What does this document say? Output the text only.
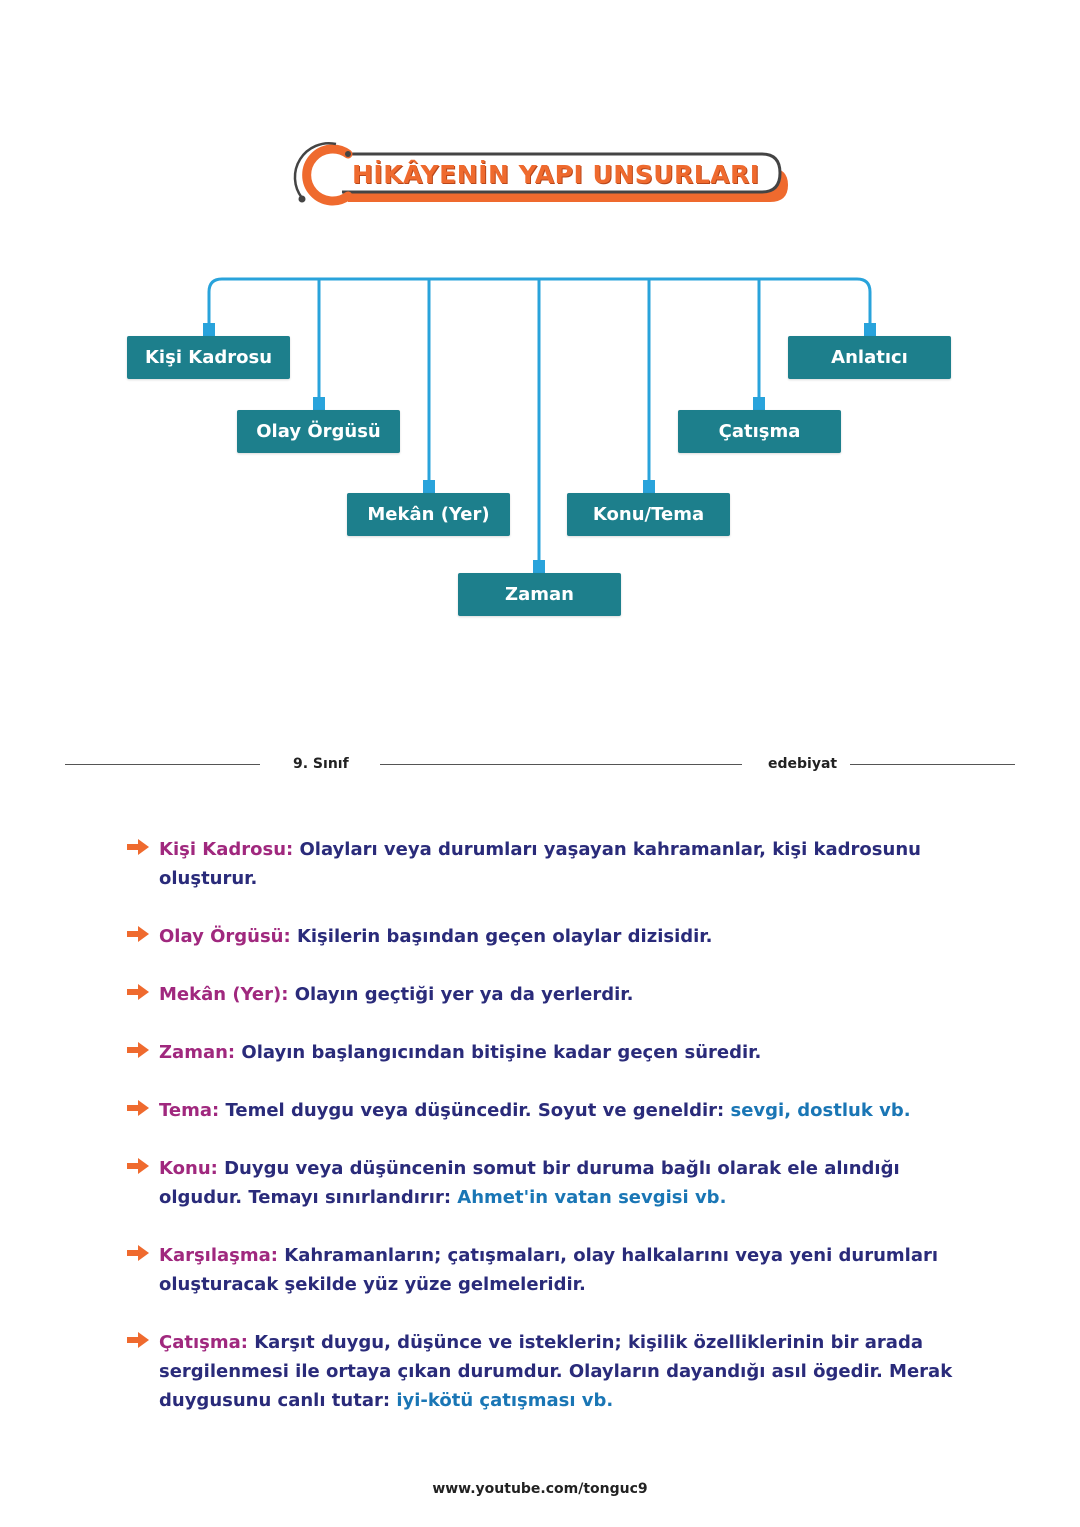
HİKÂYENİN YAPI UNSURLARI
Kişi Kadrosu
Olay Örgüsü
Mekân (Yer)
Zaman
Konu/Tema
Çatışma
Anlatıcı
9. Sınıf	edebiyat
Kişi Kadrosu: Olayları veya durumları yaşayan kahramanlar, kişi kadrosunu oluşturur.
Olay Örgüsü: Kişilerin başından geçen olaylar dizisidir.
Mekân (Yer): Olayın geçtiği yer ya da yerlerdir.
Zaman: Olayın başlangıcından bitişine kadar geçen süredir.
Tema: Temel duygu veya düşüncedir. Soyut ve geneldir: sevgi, dostluk vb.
Konu: Duygu veya düşüncenin somut bir duruma bağlı olarak ele alındığı olgudur. Temayı sınırlandırır: Ahmet'in vatan sevgisi vb.
Karşılaşma: Kahramanların; çatışmaları, olay halkalarını veya yeni durumları oluşturacak şekilde yüz yüze gelmeleridir.
Çatışma: Karşıt duygu, düşünce ve isteklerin; kişilik özelliklerinin bir arada sergilenmesi ile ortaya çıkan durumdur. Olayların dayandığı asıl ögedir. Merak duygusunu canlı tutar: iyi-kötü çatışması vb.
www.youtube.com/tonguc9
